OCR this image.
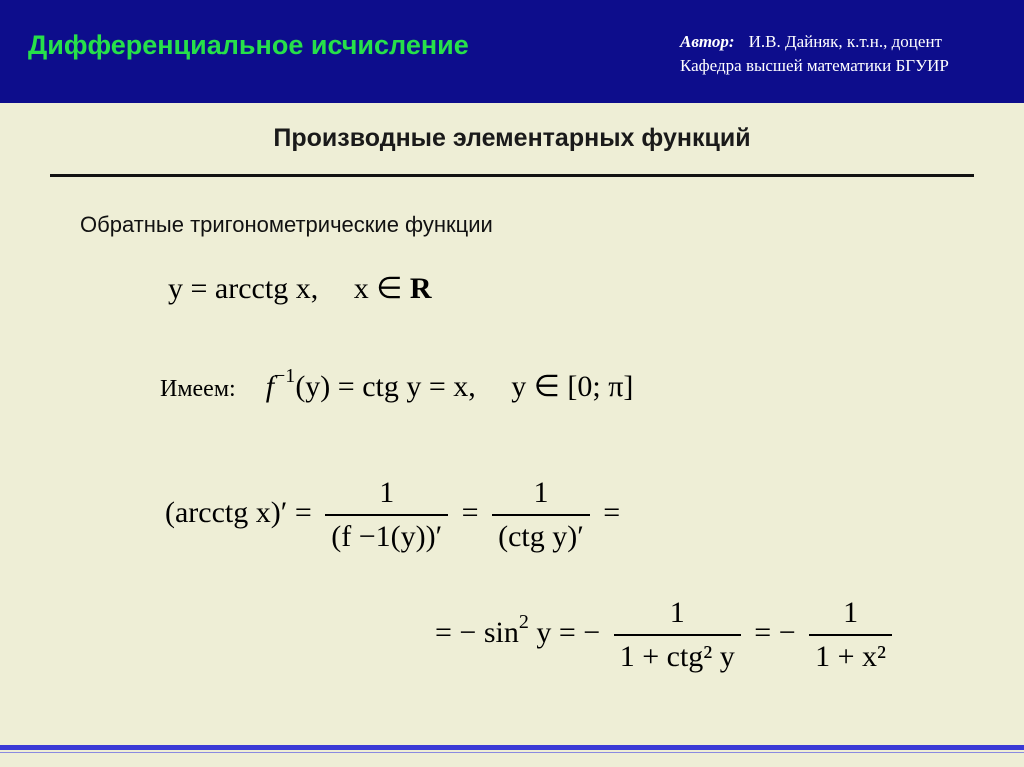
Дифференциальное исчисление	Автор: И.В. Дайняк, к.т.н., доцент
Кафедра высшей математики БГУИР
Производные элементарных функций
Обратные тригонометрические функции
y = arcctg x, x ∈ R
Имеем: $f^{-1}(y)$ = ctg y = x, y ∈ [0; π]
(arcctg $x)' = \frac{1}{(f -1(y))'} = \frac{1}{\text{(ctg y)′}}$ =
= − $\sin^2 y$ = − $\frac{1}{\text{1 + ctg² y}}$ = − $\frac{1}{\text{1 + x²}}$
